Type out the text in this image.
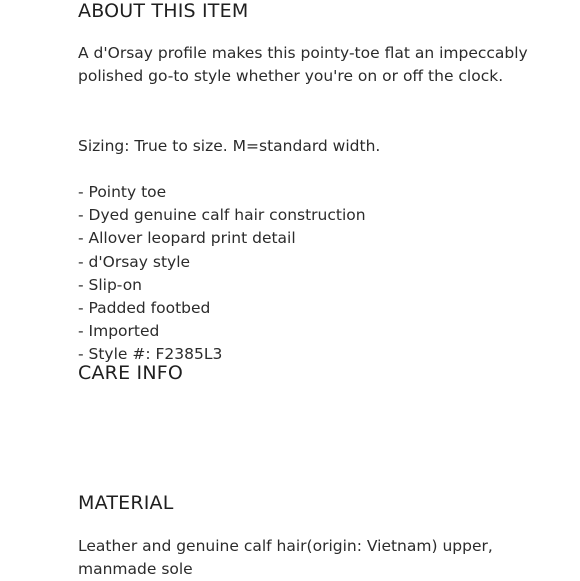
ABOUT THIS ITEM

A d'Orsay profile makes this pointy-toe flat an impeccably polished go-to style whether you're on or off the clock.

Sizing: True to size. M=standard width.

- Pointy toe
- Dyed genuine calf hair construction
- Allover leopard print detail
- d'Orsay style
- Slip-on
- Padded footbed
- Imported
- Style #: F2385L3
CARE INFO
MATERIAL

Leather and genuine calf hair(origin: Vietnam) upper, manmade sole
